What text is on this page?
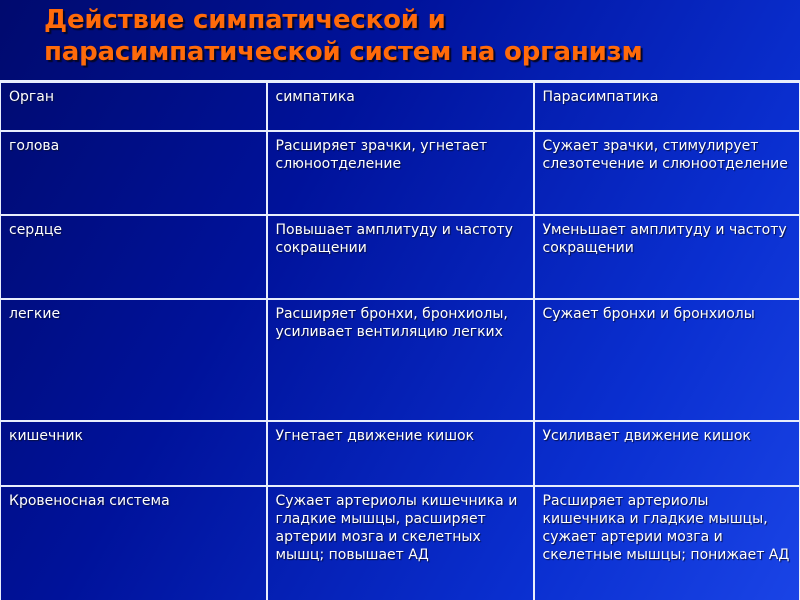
Действие симпатической и
парасимпатической систем на организм
Орган	симпатика	Парасимпатика
голова	Расширяет зрачки, угнетает слюноотделение	Сужает зрачки, стимулирует слезотечение и слюноотделение
сердце	Повышает амплитуду и частоту сокращении	Уменьшает амплитуду и частоту сокращении
легкие	Расширяет бронхи, бронхиолы, усиливает вентиляцию легких	Сужает бронхи и бронхиолы
кишечник	Угнетает движение кишок	Усиливает движение кишок
Кровеносная система	Сужает артериолы кишечника и гладкие мышцы, расширяет артерии мозга и скелетных мышц; повышает АД	Расширяет артериолы кишечника и гладкие мышцы, сужает артерии мозга и скелетные мышцы; понижает АД
